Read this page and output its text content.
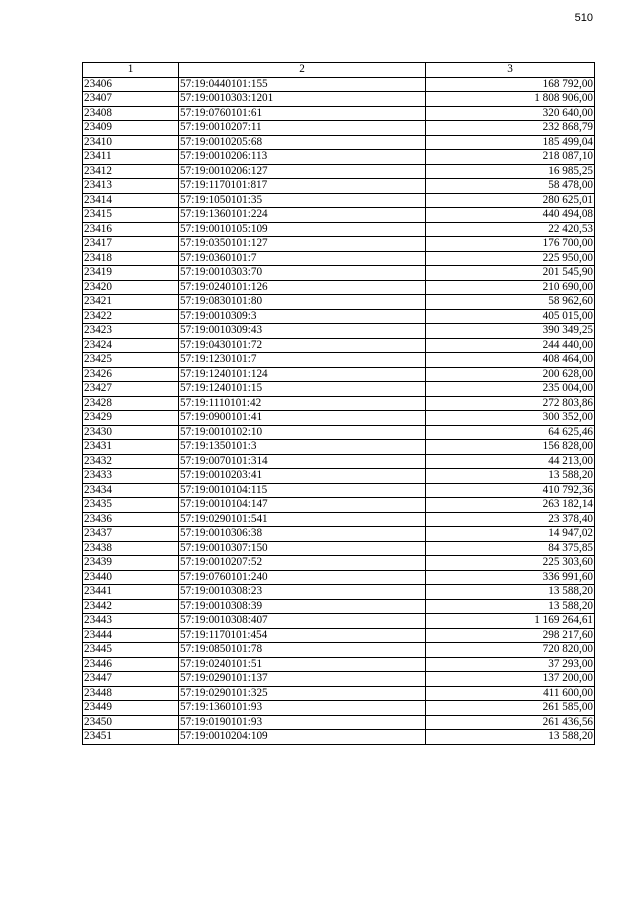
510
1	2	3
23406	57:19:0440101:155	168 792,00
23407	57:19:0010303:1201	1 808 906,00
23408	57:19:0760101:61	320 640,00
23409	57:19:0010207:11	232 868,79
23410	57:19:0010205:68	185 499,04
23411	57:19:0010206:113	218 087,10
23412	57:19:0010206:127	16 985,25
23413	57:19:1170101:817	58 478,00
23414	57:19:1050101:35	280 625,01
23415	57:19:1360101:224	440 494,08
23416	57:19:0010105:109	22 420,53
23417	57:19:0350101:127	176 700,00
23418	57:19:0360101:7	225 950,00
23419	57:19:0010303:70	201 545,90
23420	57:19:0240101:126	210 690,00
23421	57:19:0830101:80	58 962,60
23422	57:19:0010309:3	405 015,00
23423	57:19:0010309:43	390 349,25
23424	57:19:0430101:72	244 440,00
23425	57:19:1230101:7	408 464,00
23426	57:19:1240101:124	200 628,00
23427	57:19:1240101:15	235 004,00
23428	57:19:1110101:42	272 803,86
23429	57:19:0900101:41	300 352,00
23430	57:19:0010102:10	64 625,46
23431	57:19:1350101:3	156 828,00
23432	57:19:0070101:314	44 213,00
23433	57:19:0010203:41	13 588,20
23434	57:19:0010104:115	410 792,36
23435	57:19:0010104:147	263 182,14
23436	57:19:0290101:541	23 378,40
23437	57:19:0010306:38	14 947,02
23438	57:19:0010307:150	84 375,85
23439	57:19:0010207:52	225 303,60
23440	57:19:0760101:240	336 991,60
23441	57:19:0010308:23	13 588,20
23442	57:19:0010308:39	13 588,20
23443	57:19:0010308:407	1 169 264,61
23444	57:19:1170101:454	298 217,60
23445	57:19:0850101:78	720 820,00
23446	57:19:0240101:51	37 293,00
23447	57:19:0290101:137	137 200,00
23448	57:19:0290101:325	411 600,00
23449	57:19:1360101:93	261 585,00
23450	57:19:0190101:93	261 436,56
23451	57:19:0010204:109	13 588,20
